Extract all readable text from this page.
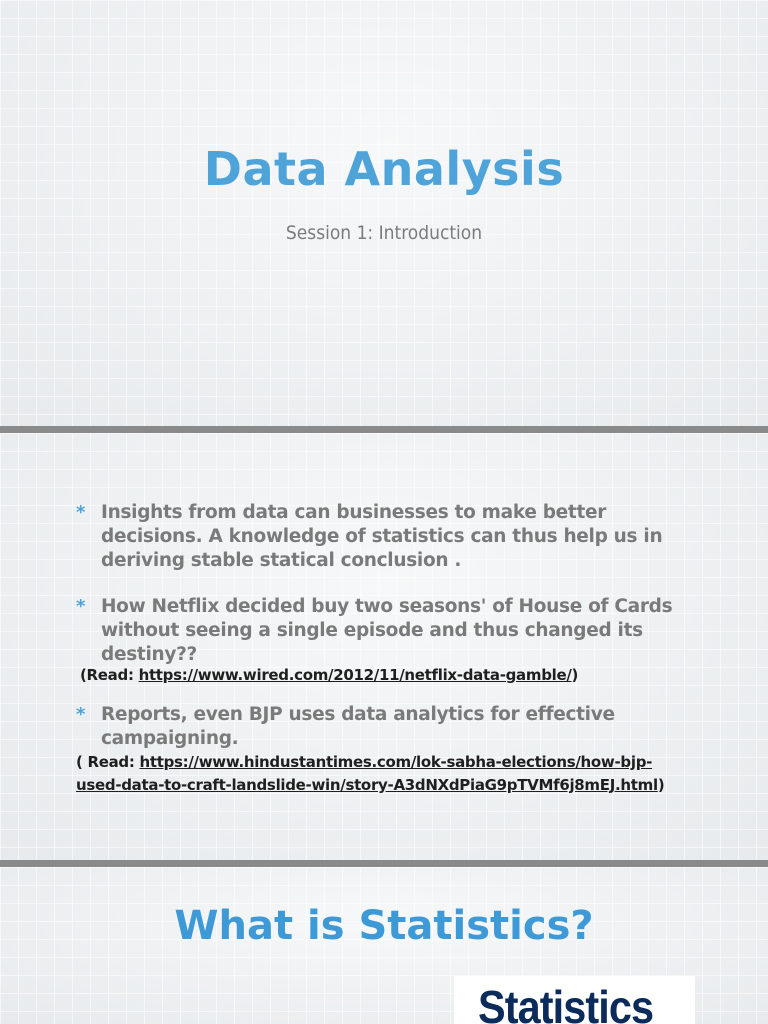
Data Analysis
Session 1: Introduction
* Insights from data can businesses to make better decisions. A knowledge of statistics can thus help us in deriving stable statical conclusion .
* How Netflix decided buy two seasons' of House of Cards without seeing a single episode and thus changed its destiny??
(Read: https://www.wired.com/2012/11/netflix-data-gamble/)
* Reports, even BJP uses data analytics for effective campaigning.
( Read: https://www.hindustantimes.com/lok-sabha-elections/how-bjp-used-data-to-craft-landslide-win/story-A3dNXdPiaG9pTVMf6j8mEJ.html)
What is Statistics?
Statistics
